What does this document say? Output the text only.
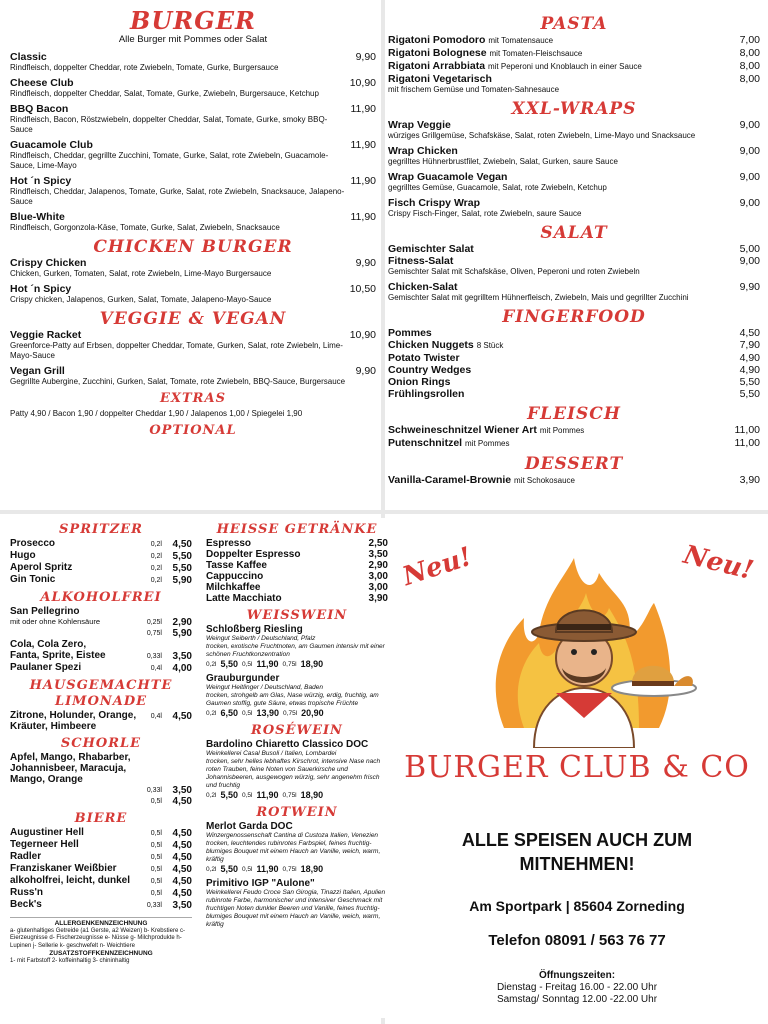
BURGER
Alle Burger mit Pommes oder Salat
Classic	9,90
Rindfleisch, doppelter Cheddar, rote Zwiebeln, Tomate, Gurke, Burgersauce
Cheese Club	10,90
Rindfleisch, doppelter Cheddar, Salat, Tomate, Gurke, Zwiebeln, Burgersauce, Ketchup
BBQ Bacon	11,90
Rindfleisch, Bacon, Röstzwiebeln, doppelter Cheddar, Salat, Tomate, Gurke, smoky BBQ-Sauce
Guacamole Club	11,90
Rindfleisch, Cheddar, gegrillte Zucchini, Tomate, Gurke, Salat, rote Zwiebeln, Guacamole-Sauce, Lime-Mayo
Hot ´n Spicy	11,90
Rindfleisch, Cheddar, Jalapenos, Tomate, Gurke, Salat, rote Zwiebeln, Snacksauce, Jalapeno-Sauce
Blue-White	11,90
Rindfleisch, Gorgonzola-Käse, Tomate, Gurke, Salat, Zwiebeln, Snacksauce
CHICKEN BURGER
Crispy Chicken	9,90
Chicken, Gurken, Tomaten, Salat, rote Zwiebeln, Lime-Mayo Burgersauce
Hot ´n Spicy	10,50
Crispy chicken, Jalapenos, Gurken, Salat, Tomate, Jalapeno-Mayo-Sauce
VEGGIE & VEGAN
Veggie Racket	10,90
Greenforce-Patty auf Erbsen, doppelter Cheddar, Tomate, Gurken, Salat, rote Zwiebeln, Lime-Mayo-Sauce
Vegan Grill	9,90
Gegrillte Aubergine, Zucchini, Gurken, Salat, Tomate, rote Zwiebeln, BBQ-Sauce, Burgersauce
EXTRAS
Patty 4,90 / Bacon 1,90 / doppelter Cheddar 1,90 / Jalapenos 1,00 / Spiegelei 1,90
OPTIONAL
PASTA
Rigatoni Pomodoro mit Tomatensauce	7,00
Rigatoni Bolognese mit Tomaten-Fleischsauce	8,00
Rigatoni Arrabbiata mit Peperoni und Knoblauch in einer Sauce	8,00
Rigatoni Vegetarisch	8,00
mit frischem Gemüse und Tomaten-Sahnesauce
XXL-WRAPS
Wrap Veggie	9,00
würziges Grillgemüse, Schafskäse, Salat, roten Zwiebeln, Lime-Mayo und Snacksauce
Wrap Chicken	9,00
gegrilltes Hühnerbrustfilet, Zwiebeln, Salat, Gurken, saure Sauce
Wrap Guacamole Vegan	9,00
gegrilltes Gemüse, Guacamole, Salat, rote Zwiebeln, Ketchup
Fisch Crispy Wrap	9,00
Crispy Fisch-Finger, Salat, rote Zwiebeln, saure Sauce
SALAT
Gemischter Salat	5,00
Fitness-Salat	9,00
Gemischter Salat mit Schafskäse, Oliven, Peperoni und roten Zwiebeln
Chicken-Salat	9,90
Gemischter Salat mit gegrilltem Hühnerfleisch, Zwiebeln, Mais und gegrillter Zucchini
FINGERFOOD
Pommes	4,50
Chicken Nuggets 8 Stück	7,90
Potato Twister	4,90
Country Wedges	4,90
Onion Rings	5,50
Frühlingsrollen	5,50
FLEISCH
Schweineschnitzel Wiener Art mit Pommes	11,00
Putenschnitzel mit Pommes	11,00
DESSERT
Vanilla-Caramel-Brownie mit Schokosauce	3,90
SPRITZER
Prosecco	0,2l	4,50
Hugo	0,2l	5,50
Aperol Spritz	0,2l	5,50
Gin Tonic	0,2l	5,90
ALKOHOLFREI
San Pellegrino
mit oder ohne Kohlensäure	0,25l	2,90
0,75l	5,90
Cola, Cola Zero,
Fanta, Sprite, Eistee	0,33l	3,50
Paulaner Spezi	0,4l	4,00
HAUSGEMACHTE LIMONADE
Zitrone, Holunder, Orange, Kräuter, Himbeere
0,4l	4,50
SCHORLE
Apfel, Mango, Rhabarber, Johannisbeer, Maracuja, Mango, Orange
0,33l	3,50
0,5l	4,50
BIERE
Augustiner Hell	0,5l	4,50
Tegerneer Hell	0,5l	4,50
Radler	0,5l	4,50
Franziskaner Weißbier	0,5l	4,50
alkoholfrei, leicht, dunkel	0,5l	4,50
Russ'n	0,5l	4,50
Beck's	0,33l	3,50
ALLERGENKENNZEICHNUNG
a- glutenhaltiges Getreide (a1 Gerste, a2 Weizen) b- Krebstiere c- Eierzeugnisse d- Fischerzeugnisse e- Nüsse g- Milchprodukte h- Lupinen j- Sellerie k- geschwefelt n- Weichtiere
ZUSATZSTOFFKENNZEICHNUNG
1- mit Farbstoff 2- koffeinhaltig 3- chininhaltig
HEISSE GETRÄNKE
Espresso	2,50
Doppelter Espresso	3,50
Tasse Kaffee	2,90
Cappuccino	3,00
Milchkaffee	3,00
Latte Macchiato	3,90
WEISSWEIN
Schloßberg Riesling
Weingut Seiberth / Deutschland, Pfalz
trocken, exotische Fruchtnoten, am Gaumen intensiv mit einer schönen Fruchtkonzentration
0,2l 5,50 0,5l 11,90 0,75l 18,90
Grauburgunder
Weingut Heitlinger / Deutschland, Baden
trocken, strohgelb am Glas, Nase würzig, erdig, fruchtig, am Gaumen stoffig, gute Säure, etwas tropische Früchte
0,2l 6,50 0,5l 13,90 0,75l 20,90
ROSÉWEIN
Bardolino Chiaretto Classico DOC
Weinkellerei Casal Busoli / Italien, Lombardei
trocken, sehr helles lebhaftes Kirschrot, intensive Nase nach roten Trauben, feine Noten von Sauerkirsche und Johannisbeeren, ausgewogen würzig, sehr angenehm frisch und fruchtig
0,2l 5,50 0,5l 11,90 0,75l 18,90
ROTWEIN
Merlot Garda DOC
Winzergenossenschaft Cantina di Custoza Italien, Venezien
trocken, leuchtendes rubinrotes Farbspiel, feines fruchtig-blumiges Bouquet mit einem Hauch an Vanille, weich, warm, kräftig
0,2l 5,50 0,5l 11,90 0,75l 18,90
Primitivo IGP "Aulone"
Weinkellerei Feudo Croce San Girogia, Tinazzi Italien, Apulien
rubinrote Farbe, harmonischer und intensiver Geschmack mit fruchtigen Noten dunkler Beeren und Vanille, feines fruchtig-blumiges Bouquet mit einem Hauch an Vanille, weich, warm, kräftig
Neu!	Neu!
BURGER CLUB & CO
ALLE SPEISEN AUCH ZUM
MITNEHMEN!
Am Sportpark | 85604 Zorneding
Telefon 08091 / 563 76 77
Öffnungszeiten:
Dienstag - Freitag 16.00 - 22.00 Uhr
Samstag/ Sonntag 12.00 -22.00 Uhr
